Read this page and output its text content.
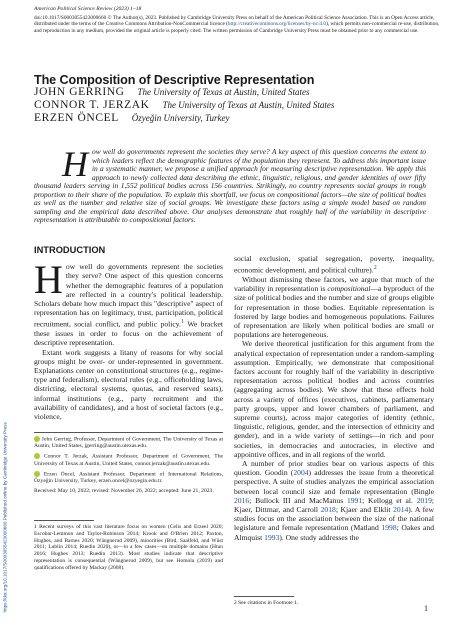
American Political Science Review (2023) 1–18
doi:10.1017/S0003055423000660 © The Author(s), 2023. Published by Cambridge University Press on behalf of the American Political Science Association. This is an Open Access article, distributed under the terms of the Creative Commons Attribution-NonCommercial licence (http://creativecommons.org/licenses/by-nc/4.0), which permits non-commercial re-use, distribution, and reproduction in any medium, provided the original article is properly cited. The written permission of Cambridge University Press must be obtained prior to any commercial use.
The Composition of Descriptive Representation
JOHN GERRING The University of Texas at Austin, United States
CONNOR T. JERZAK The University of Texas at Austin, United States
ERZEN ÖNCEL Özyeğin University, Turkey
How well do governments represent the societies they serve? A key aspect of this question concerns the extent to which leaders reflect the demographic features of the population they represent. To address this important issue in a systematic manner, we propose a unified approach for measuring descriptive representation. We apply this approach to newly collected data describing the ethnic, linguistic, religious, and gender identities of over fifty thousand leaders serving in 1,552 political bodies across 156 countries. Strikingly, no country represents social groups in rough proportion to their share of the population. To explain this shortfall, we focus on compositional factors—the size of political bodies as well as the number and relative size of social groups. We investigate these factors using a simple model based on random sampling and the empirical data described above. Our analyses demonstrate that roughly half of the variability in descriptive representation is attributable to compositional factors.
INTRODUCTION

How well do governments represent the societies they serve? One aspect of this question concerns whether the demographic features of a population are reflected in a country's political leadership. Scholars debate how much impact this "descriptive" aspect of representation has on legitimacy, trust, participation, political recruitment, social conflict, and public policy.$^1$ We bracket these issues in order to focus on the achievement of descriptive representation.

Extant work suggests a litany of reasons for why social groups might be over- or under-represented in government. Explanations center on constitutional structures (e.g., regime-type and federalism), electoral rules (e.g., officeholding laws, districting, electoral systems, quotas, and reserved seats), informal institutions (e.g., party recruitment and the availability of candidates), and a host of societal factors (e.g., violence,

social exclusion, spatial segregation, poverty, inequality, economic development, and political culture).$^2$

Without dismissing these factors, we argue that much of the variability in representation is compositional—a byproduct of the size of political bodies and the number and size of groups eligible for representation in those bodies. Equitable representation is fostered by large bodies and homogeneous populations. Failures of representation are likely when political bodies are small or populations are heterogeneous.

We derive theoretical justification for this argument from the analytical expectation of representation under a random-sampling assumption. Empirically, we demonstrate that compositional factors account for roughly half of the variability in descriptive representation across political bodies and across countries (aggregating across bodies). We show that these effects hold across a variety of offices (executives, cabinets, parliamentary party groups, upper and lower chambers of parliament, and supreme courts), across major categories of identity (ethnic, linguistic, religious, gender, and the intersection of ethnicity and gender), and in a wide variety of settings—in rich and poor societies, in democracies and autocracies, in elective and appointive offices, and in all regions of the world.

A number of prior studies bear on various aspects of this question. Goodin (2004) addresses the issue from a theoretical perspective. A suite of studies analyzes the empirical association between local council size and female representation (Bingle 2016; Bullock III and MacManus 1991; Kellogg et al. 2019; Kjaer, Dittmar, and Carroll 2018; Kjaer and Elklit 2014). A few studies focus on the association between the size of the national legislature and female representation (Matland 1998; Oakes and Almquist 1993). One study addresses the

John Gerring, Professor, Department of Government, The University of Texas at Austin, United States, jgerring@austin.utexas.edu.

Connor T. Jerzak, Assistant Professor, Department of Government, The University of Texas at Austin, United States, connor.jerzak@austin.utexas.edu.

Erzen Öncel, Assistant Professor, Department of International Relations, Özyeğin University, Turkey, erzen.oncel@ozyegin.edu.tr.

Received: May 10, 2022; revised: November 26, 2022; accepted: June 21, 2023.

1 Recent surveys of this vast literature focus on women (Celis and Erzeel 2020; Escobar-Lemmon and Taylor-Robinson 2014; Krook and O'Brien 2012; Paxton, Hughes, and Barnes 2020; Wängnerud 2009), minorities (Bird, Saalfeld, and Wüst 2011; Lublin 2014; Ruedin 2020), or—in a few cases—on multiple domains (Htun 2016; Hughes 2013; Ruedin 2013). Most studies indicate that descriptive representation is consequential (Wängnerud 2009), but see Homola (2019) and qualifications offered by Mackay (2008).
2 See citations in Footnote 1.
https://doi.org/10.1017/S0003055423000660 Published online by Cambridge University Press	1
